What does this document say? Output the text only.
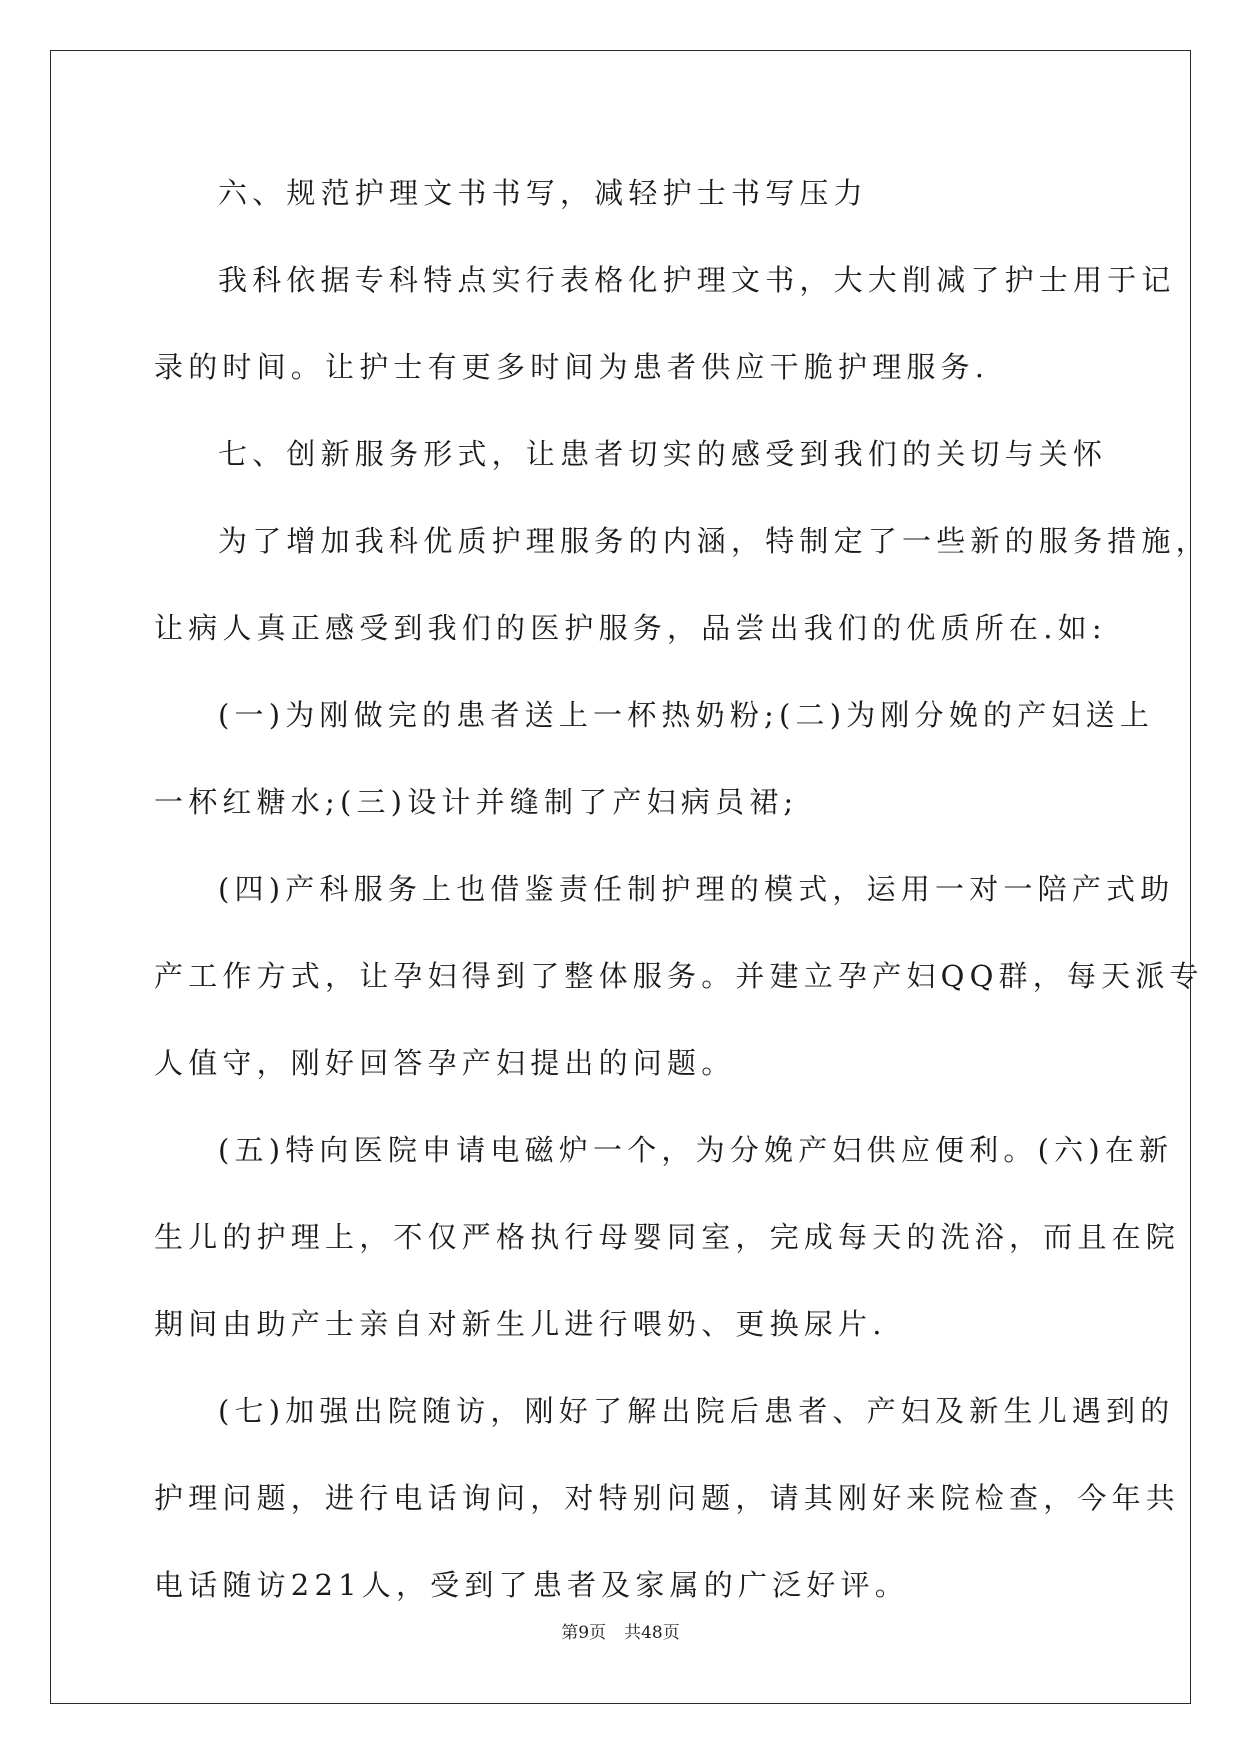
六、规范护理文书书写，减轻护士书写压力
我科依据专科特点实行表格化护理文书，大大削减了护士用于记
录的时间。让护士有更多时间为患者供应干脆护理服务.
七、创新服务形式，让患者切实的感受到我们的关切与关怀
为了增加我科优质护理服务的内涵，特制定了一些新的服务措施，
让病人真正感受到我们的医护服务，品尝出我们的优质所在.如:
(一)为刚做完的患者送上一杯热奶粉;(二)为刚分娩的产妇送上
一杯红糖水;(三)设计并缝制了产妇病员裙;
(四)产科服务上也借鉴责任制护理的模式，运用一对一陪产式助
产工作方式，让孕妇得到了整体服务。并建立孕产妇QQ群，每天派专
人值守，刚好回答孕产妇提出的问题。
(五)特向医院申请电磁炉一个，为分娩产妇供应便利。(六)在新
生儿的护理上，不仅严格执行母婴同室，完成每天的洗浴，而且在院
期间由助产士亲自对新生儿进行喂奶、更换尿片.
(七)加强出院随访，刚好了解出院后患者、产妇及新生儿遇到的
护理问题，进行电话询问，对特别问题，请其刚好来院检查，今年共
电话随访221人，受到了患者及家属的广泛好评。
第9页 共48页
